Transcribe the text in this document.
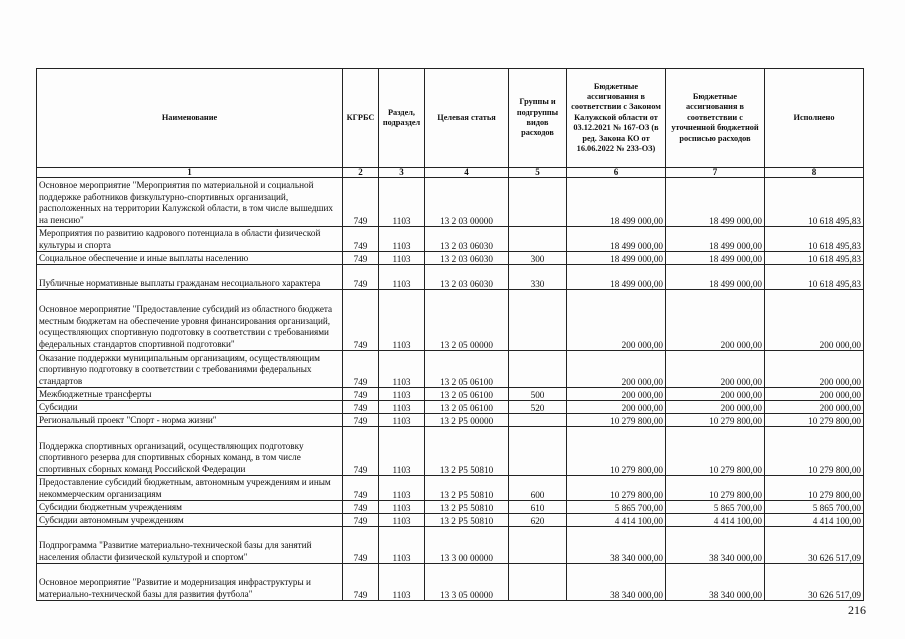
Наименование	КГРБС	Раздел, подраздел	Целевая статья	Группы и подгруппы видов расходов	Бюджетные ассигнования в соответствии с Законом Калужской области от 03.12.2021 № 167-ОЗ (в ред. Закона КО от 16.06.2022 № 233-ОЗ)	Бюджетные ассигнования в соответствии с уточненной бюджетной росписью расходов	Исполнено
1	2	3	4	5	6	7	8
Основное мероприятие "Мероприятия по материальной и социальной поддержке работников физкультурно-спортивных организаций, расположенных на территории Калужской области, в том числе вышедших на пенсию"	749	1103	13 2 03 00000		18 499 000,00	18 499 000,00	10 618 495,83
Мероприятия по развитию кадрового потенциала в области физической культуры и спорта	749	1103	13 2 03 06030		18 499 000,00	18 499 000,00	10 618 495,83
Социальное обеспечение и иные выплаты населению	749	1103	13 2 03 06030	300	18 499 000,00	18 499 000,00	10 618 495,83
Публичные нормативные выплаты гражданам несоциального характера	749	1103	13 2 03 06030	330	18 499 000,00	18 499 000,00	10 618 495,83
Основное мероприятие "Предоставление субсидий из областного бюджета местным бюджетам на обеспечение уровня финансирования организаций, осуществляющих спортивную подготовку в соответствии с требованиями федеральных стандартов спортивной подготовки"	749	1103	13 2 05 00000		200 000,00	200 000,00	200 000,00
Оказание поддержки муниципальным организациям, осуществляющим спортивную подготовку в соответствии с требованиями федеральных стандартов	749	1103	13 2 05 06100		200 000,00	200 000,00	200 000,00
Межбюджетные трансферты	749	1103	13 2 05 06100	500	200 000,00	200 000,00	200 000,00
Субсидии	749	1103	13 2 05 06100	520	200 000,00	200 000,00	200 000,00
Региональный проект "Спорт - норма жизни"	749	1103	13 2 P5 00000		10 279 800,00	10 279 800,00	10 279 800,00
Поддержка спортивных организаций, осуществляющих подготовку спортивного резерва для спортивных сборных команд, в том числе спортивных сборных команд Российской Федерации	749	1103	13 2 P5 50810		10 279 800,00	10 279 800,00	10 279 800,00
Предоставление субсидий бюджетным, автономным учреждениям и иным некоммерческим организациям	749	1103	13 2 P5 50810	600	10 279 800,00	10 279 800,00	10 279 800,00
Субсидии бюджетным учреждениям	749	1103	13 2 P5 50810	610	5 865 700,00	5 865 700,00	5 865 700,00
Субсидии автономным учреждениям	749	1103	13 2 P5 50810	620	4 414 100,00	4 414 100,00	4 414 100,00
Подпрограмма "Развитие материально-технической базы для занятий населения области физической культурой и спортом"	749	1103	13 3 00 00000		38 340 000,00	38 340 000,00	30 626 517,09
Основное мероприятие "Развитие и модернизация инфраструктуры и материально-технической базы для развития футбола"	749	1103	13 3 05 00000		38 340 000,00	38 340 000,00	30 626 517,09
216
